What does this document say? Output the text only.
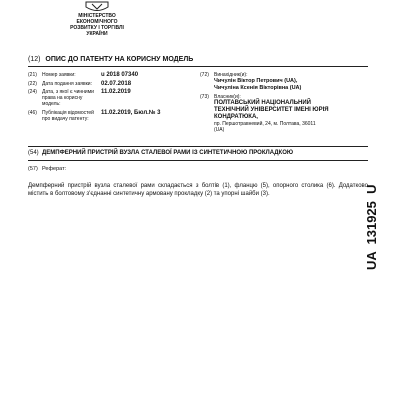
МІНІСТЕРСТВО
ЕКОНОМІЧНОГО
РОЗВИТКУ І ТОРГІВЛІ
УКРАЇНИ
(12) ОПИС ДО ПАТЕНТУ НА КОРИСНУ МОДЕЛЬ
(21)	Номер заявки:	u 2018 07340
(22)	Дата подання заявки:	02.07.2018
(24)	Дата, з якої є чинними права на корисну модель:
11.02.2019
(46)	Публікація відомостей про видачу патенту:
11.02.2019, Бюл.№ 3
(72)	Винахідник(и):
Чичулін Віктор Петрович (UA),
Чичуліна Ксенія Вікторівна (UA)
(73)	Власник(и):
ПОЛТАВСЬКИЙ НАЦІОНАЛЬНИЙ
ТЕХНІЧНИЙ УНІВЕРСИТЕТ ІМЕНІ ЮРІЯ
КОНДРАТЮКА,
пр. Першотравневий, 24, м. Полтава, 36011
(UA)
(54) ДЕМПФЕРНИЙ ПРИСТРІЙ ВУЗЛА СТАЛЕВОЇ РАМИ ІЗ СИНТЕТИЧНОЮ ПРОКЛАДКОЮ
(57) Реферат:
Демпферний пристрій вузла сталевої рами складається з болтів (1), фланцю (5), опорного столика (6). Додатково містить в болтовому з'єднанні синтетичну армовану прокладку (2) та упорні шайби (3).	UA  131925  U
